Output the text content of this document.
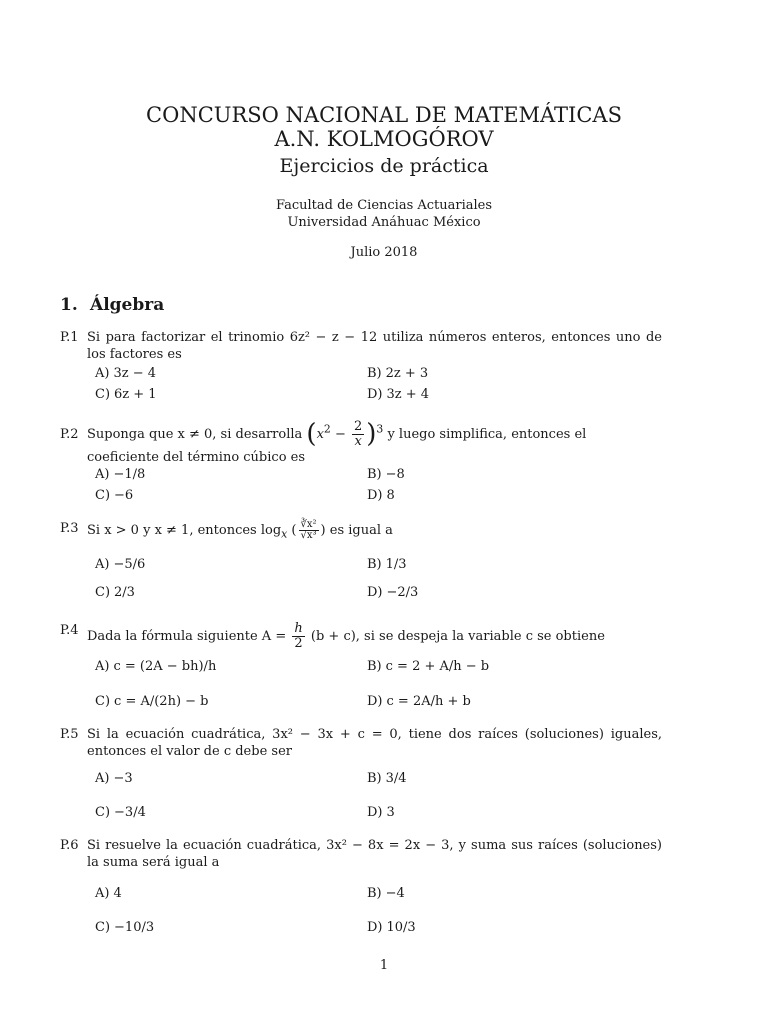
CONCURSO NACIONAL DE MATEMÁTICAS
A.N. KOLMOGÓROV
Ejercicios de práctica
Facultad de Ciencias Actuariales
Universidad Anáhuac México
Julio 2018
1. Álgebra
P.1 Si para factorizar el trinomio 6z² − z − 12 utiliza números enteros, entonces uno de los factores es
A) 3z − 4	B) 2z + 3
C) 6z + 1	D) 3z + 4
P.2 Suponga que x ≠ 0, si desarrolla $(x^2 - \frac{2}{x} )^3$ y luego simplifica, entonces el coeficiente del término cúbico es
A) −1/8	B) −8
C) −6	D) 8
P.3 Si x > 0 y x ≠ 1, entonces $\log_x$ ( $\frac{\text{∛x²}}{\text{√x³}}$ ) es igual a
A) −5/6	B) 1/3
C) 2/3	D) −2/3
P.4 Dada la fórmula siguiente $A = \frac{h}{2} (b + c)$, si se despeja la variable c se obtiene
A) c = (2A − bh)/h	B) c = 2 + A/h − b
C) c = A/(2h) − b	D) c = 2A/h + b
P.5 Si la ecuación cuadrática, 3x² − 3x + c = 0, tiene dos raíces (soluciones) iguales, entonces el valor de c debe ser
A) −3	B) 3/4
C) −3/4	D) 3
P.6 Si resuelve la ecuación cuadrática, 3x² − 8x = 2x − 3, y suma sus raíces (soluciones) la suma será igual a
A) 4	B) −4
C) −10/3	D) 10/3
1
